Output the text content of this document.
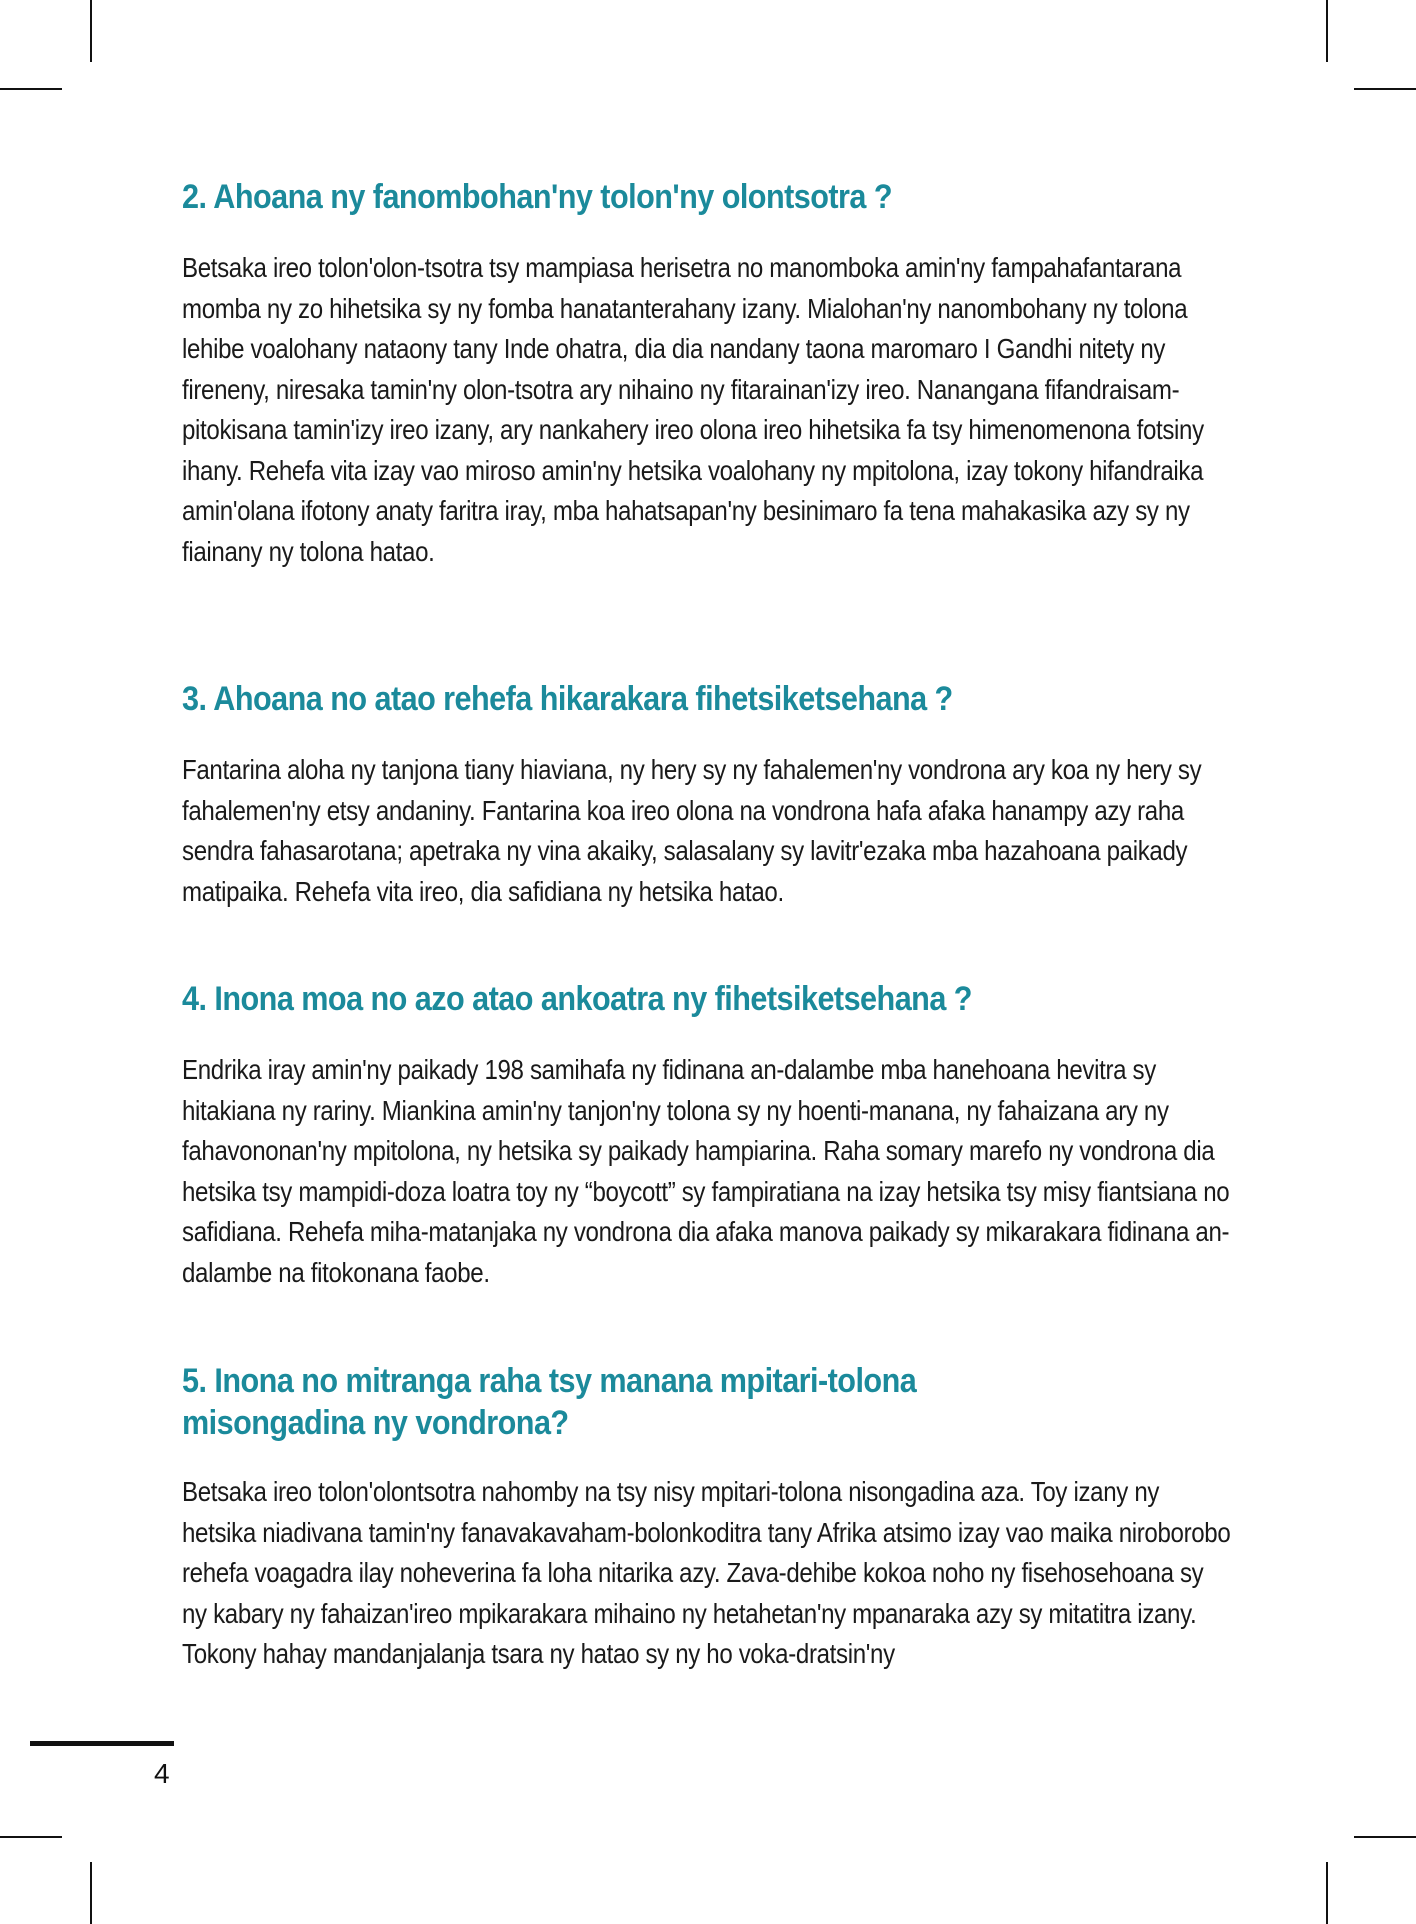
2. Ahoana ny fanombohan'ny tolon'ny olontsotra ?

Betsaka ireo tolon'olon-tsotra tsy mampiasa herisetra no manomboka amin'ny fampahafantarana momba ny zo hihetsika sy ny fomba hanatanterahany izany. Mialohan'ny nanombohany ny tolona lehibe voalohany nataony tany Inde ohatra, dia dia nandany taona maromaro I Gandhi nitety ny fireneny, niresaka tamin'ny olon-tsotra ary nihaino ny fitarainan'izy ireo. Nanangana fifandraisam-pitokisana tamin'izy ireo izany, ary nankahery ireo olona ireo hihetsika fa tsy himenomenona fotsiny ihany. Rehefa vita izay vao miroso amin'ny hetsika voalohany ny mpitolona, izay tokony hifandraika amin'olana ifotony anaty faritra iray, mba hahatsapan'ny besinimaro fa tena mahakasika azy sy ny fiainany ny tolona hatao.

3. Ahoana no atao rehefa hikarakara fihetsiketsehana ?

Fantarina aloha ny tanjona tiany hiaviana, ny hery sy ny fahalemen'ny vondrona ary koa ny hery sy fahalemen'ny etsy andaniny. Fantarina koa ireo olona na vondrona hafa afaka hanampy azy raha sendra fahasarotana; apetraka ny vina akaiky, salasalany sy lavitr'ezaka mba hazahoana paikady matipaika. Rehefa vita ireo, dia safidiana ny hetsika hatao.

4. Inona moa no azo atao ankoatra ny fihetsiketsehana ?

Endrika iray amin'ny paikady 198 samihafa ny fidinana an-dalambe mba hanehoana hevitra sy hitakiana ny rariny. Miankina amin'ny tanjon'ny tolona sy ny hoenti-manana, ny fahaizana ary ny fahavononan'ny mpitolona, ny hetsika sy paikady hampiarina. Raha somary marefo ny vondrona dia hetsika tsy mampidi-doza loatra toy ny “boycott” sy fampiratiana na izay hetsika tsy misy fiantsiana no safidiana. Rehefa miha-matanjaka ny vondrona dia afaka manova paikady sy mikarakara fidinana an-dalambe na fitokonana faobe.

5. Inona no mitranga raha tsy manana mpitari-tolona misongadina ny vondrona?

Betsaka ireo tolon'olontsotra nahomby na tsy nisy mpitari-tolona nisongadina aza. Toy izany ny hetsika niadivana tamin'ny fanavakavaham-bolonkoditra tany Afrika atsimo izay vao maika niroborobo rehefa voagadra ilay noheverina fa loha nitarika azy. Zava-dehibe kokoa noho ny fisehosehoana sy ny kabary ny fahaizan'ireo mpikarakara mihaino ny hetahetan'ny mpanaraka azy sy mitatitra izany. Tokony hahay mandanjalanja tsara ny hatao sy ny ho voka-dratsin'ny

4
